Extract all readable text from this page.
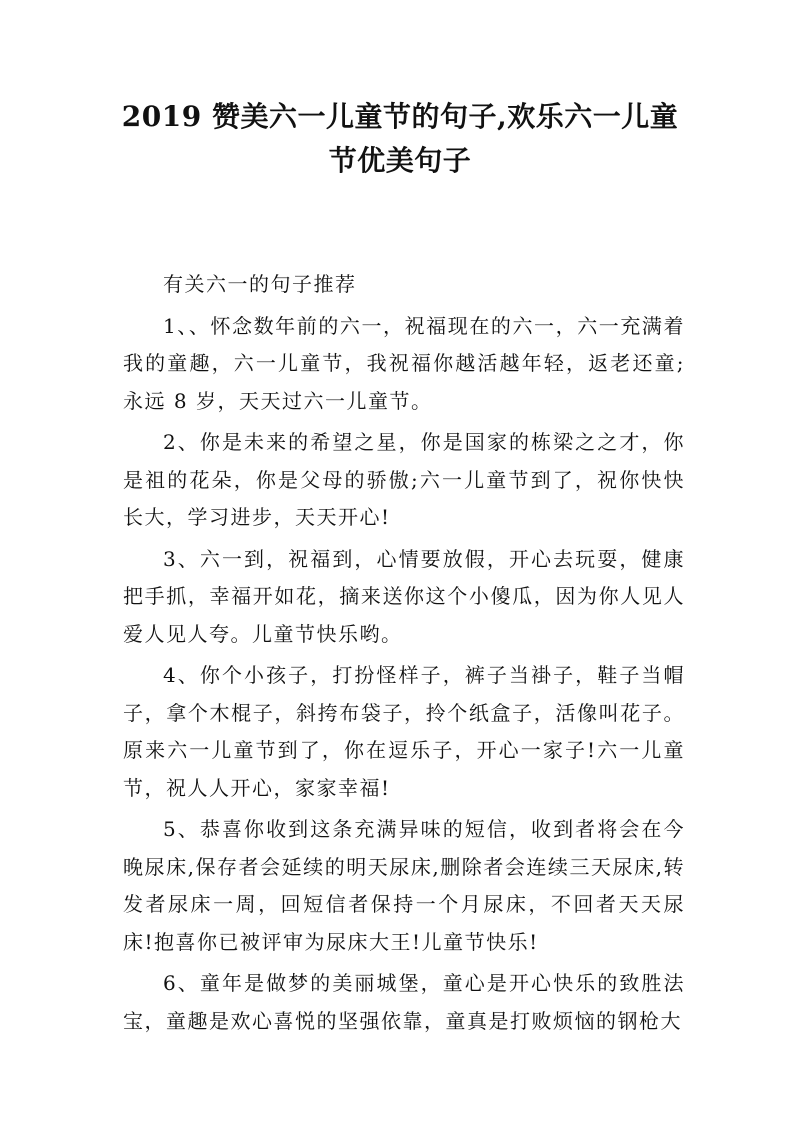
2019 赞美六一儿童节的句子,欢乐六一儿童
节优美句子

有关六一的句子推荐

1、、怀念数年前的六一，祝福现在的六一，六一充满着我的童趣，六一儿童节，我祝福你越活越年轻，返老还童;永远 8 岁，天天过六一儿童节。

2、你是未来的希望之星，你是国家的栋梁之之才，你是祖的花朵，你是父母的骄傲;六一儿童节到了，祝你快快长大，学习进步，天天开心!

3、六一到，祝福到，心情要放假，开心去玩耍，健康把手抓，幸福开如花，摘来送你这个小傻瓜，因为你人见人爱人见人夸。儿童节快乐哟。

4、你个小孩子，打扮怪样子，裤子当褂子，鞋子当帽子，拿个木棍子，斜挎布袋子，拎个纸盒子，活像叫花子。原来六一儿童节到了，你在逗乐子，开心一家子!六一儿童节，祝人人开心，家家幸福!

5、恭喜你收到这条充满异味的短信，收到者将会在今晚尿床,保存者会延续的明天尿床,删除者会连续三天尿床,转发者尿床一周，回短信者保持一个月尿床，不回者天天尿床!抱喜你已被评审为尿床大王!儿童节快乐!

6、童年是做梦的美丽城堡，童心是开心快乐的致胜法宝，童趣是欢心喜悦的坚强依靠，童真是打败烦恼的钢枪大
